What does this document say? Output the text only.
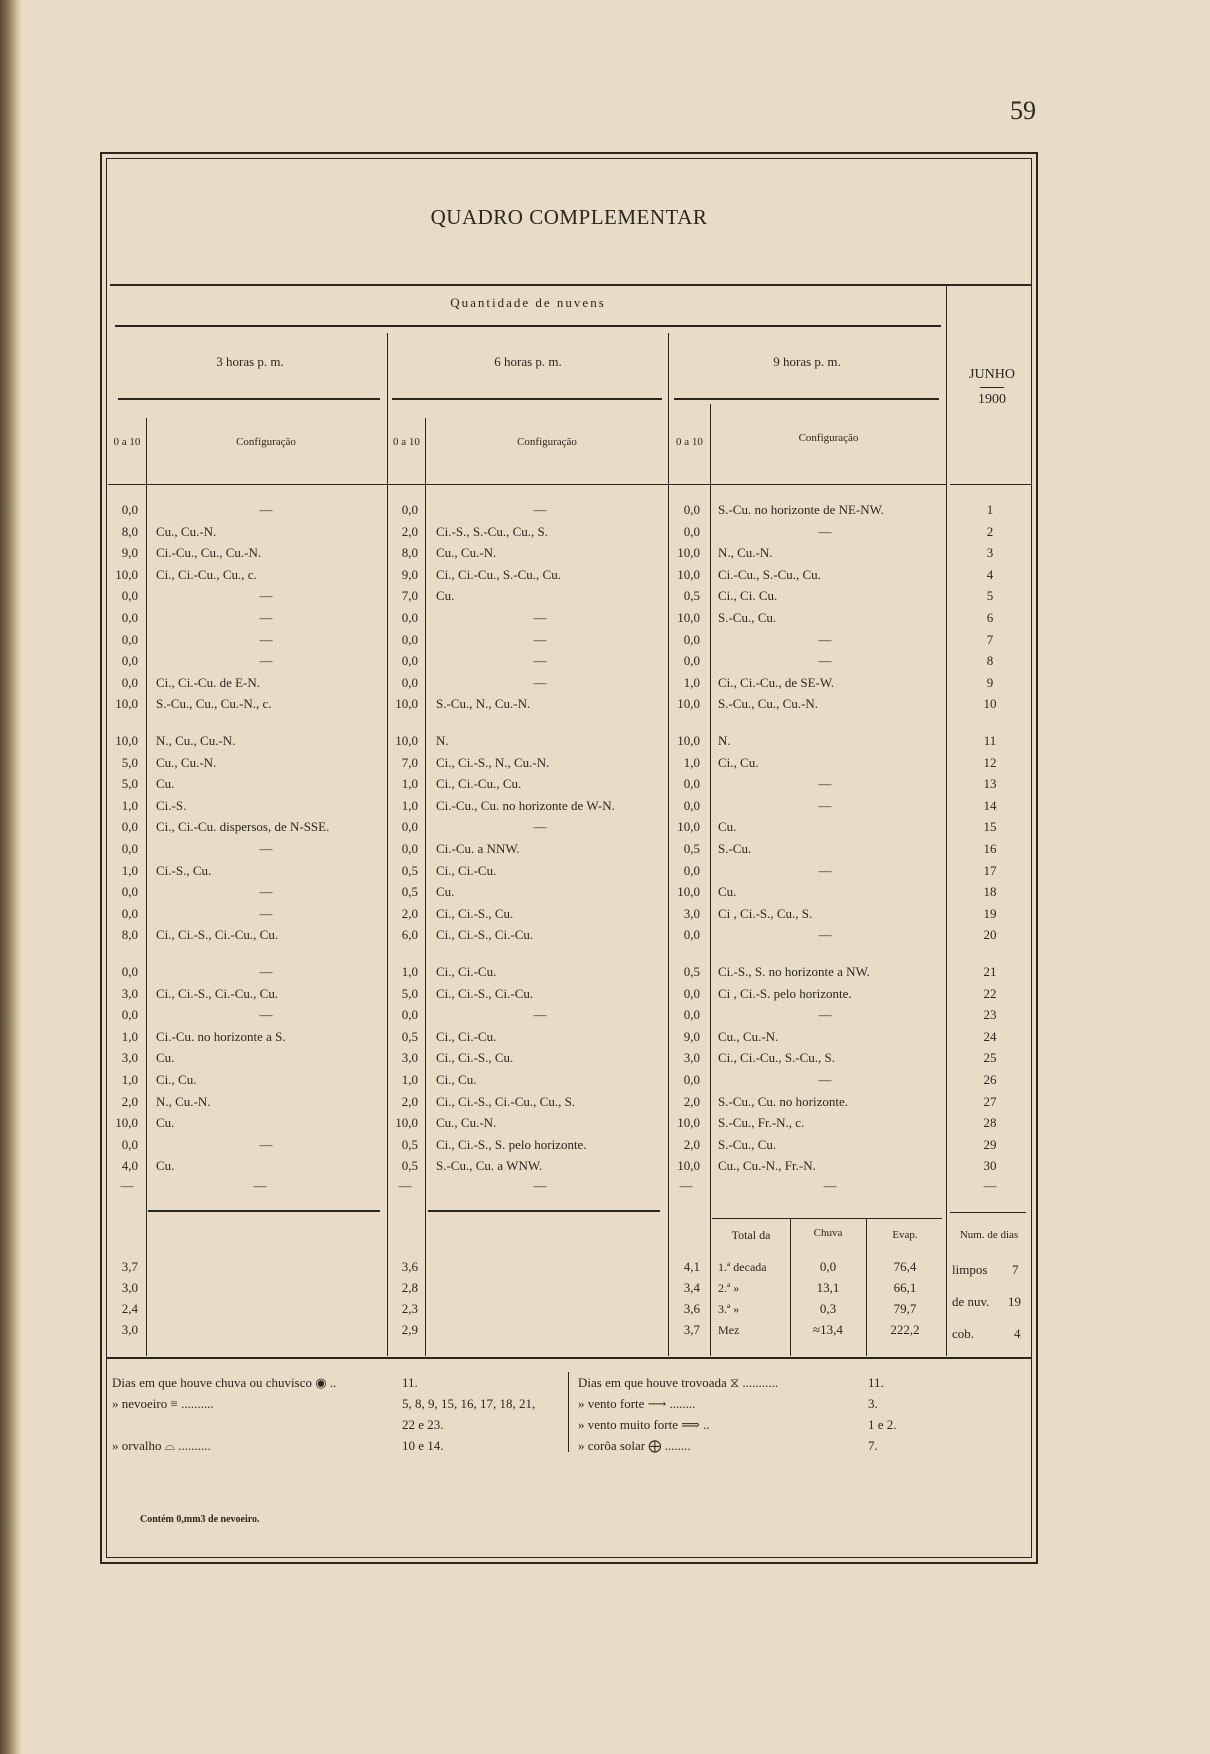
59
QUADRO COMPLEMENTAR
Quantidade de nuvens
3 horas p. m.	6 horas p. m.	9 horas p. m.
JUNHO
1900
0 a 10	Configuração	0 a 10	Configuração	0 a 10	Configuração
0,0	—	0,0	—	0,0 S.-Cu. no horizonte de NE-NW.	1
8,0 Cu., Cu.-N.	2,0 Ci.-S., S.-Cu., Cu., S.	0,0	—	2
9,0 Ci.-Cu., Cu., Cu.-N.	8,0 Cu., Cu.-N.	10,0 N., Cu.-N.	3
10,0 Ci., Ci.-Cu., Cu., c.	9,0 Ci., Ci.-Cu., S.-Cu., Cu.	10,0 Ci.-Cu., S.-Cu., Cu.	4
0,0	—	7,0 Cu.	0,5 Ci., Ci. Cu.	5
0,0	—	0,0	—	10,0 S.-Cu., Cu.	6
0,0	—	0,0	—	0,0	—	7
0,0	—	0,0	—	0,0	—	8
0,0 Ci., Ci.-Cu. de E-N.	0,0	—	1,0 Ci., Ci.-Cu., de SE-W.	9
10,0 S.-Cu., Cu., Cu.-N., c.	10,0 S.-Cu., N., Cu.-N.	10,0 S.-Cu., Cu., Cu.-N.	10
10,0 N., Cu., Cu.-N.	10,0 N.	10,0 N.	11
5,0 Cu., Cu.-N.	7,0 Ci., Ci.-S., N., Cu.-N.	1,0 Ci., Cu.	12
5,0 Cu.	1,0 Ci., Ci.-Cu., Cu.	0,0	—	13
1,0 Ci.-S.	1,0 Ci.-Cu., Cu. no horizonte de W-N.	0,0	—	14
0,0 Ci., Ci.-Cu. dispersos, de N-SSE.	0,0	—	10,0 Cu.	15
0,0	—	0,0 Ci.-Cu. a NNW.	0,5 S.-Cu.	16
1,0 Ci.-S., Cu.	0,5 Ci., Ci.-Cu.	0,0	—	17
0,0	—	0,5 Cu.	10,0 Cu.	18
0,0	—	2,0 Ci., Ci.-S., Cu.	3,0 Ci , Ci.-S., Cu., S.	19
8,0 Ci., Ci.-S., Ci.-Cu., Cu.	6,0 Ci., Ci.-S., Ci.-Cu.	0,0	—	20
0,0	—	1,0 Ci., Ci.-Cu.	0,5 Ci.-S., S. no horizonte a NW.	21
3,0 Ci., Ci.-S., Ci.-Cu., Cu.	5,0 Ci., Ci.-S., Ci.-Cu.	0,0 Ci , Ci.-S. pelo horizonte.	22
0,0	—	0,0	—	0,0	—	23
1,0 Ci.-Cu. no horizonte a S.	0,5 Ci., Ci.-Cu.	9,0 Cu., Cu.-N.	24
3,0 Cu.	3,0 Ci., Ci.-S., Cu.	3,0 Ci., Ci.-Cu., S.-Cu., S.	25
1,0 Ci., Cu.	1,0 Ci., Cu.	0,0	—	26
2,0 N., Cu.-N.	2,0 Ci., Ci.-S., Ci.-Cu., Cu., S.	2,0 S.-Cu., Cu. no horizonte.	27
10,0 Cu.	10,0 Cu., Cu.-N.	10,0 S.-Cu., Fr.-N., c.	28
0,0	—	0,5 Ci., Ci.-S., S. pelo horizonte.	2,0 S.-Cu., Cu.	29
4,0 Cu.	0,5 S.-Cu., Cu. a WNW.	10,0 Cu., Cu.-N., Fr.-N.	30
—	—	—	—	—	—	—
Total da	Chuva	Evap.	Num. de dias
3,7	3,6	4,1 1.ª decada	0,0	76,4
3,0	2,8	3,4 2.ª »	13,1	66,1
2,4	2,3	3,6 3.ª »	0,3	79,7
3,0	2,9	3,7 Mez	≈13,4	222,2
limpos 7
de nuv. 19
cob.	4
Dias em que houve chuva ou chuvisco ◉ ..	11.
» nevoeiro ≡ ..........	5, 8, 9, 15, 16, 17, 18, 21,
22 e 23.
» orvalho ⌓ ..........	10 e 14.
Dias em que houve trovoada ⧖ ...........	11.
» vento forte ⟶ ........	3.
» vento muito forte ⟹ ..	1 e 2.
» corôa solar ⨁ ........	7.
Contém 0,mm3 de nevoeiro.
